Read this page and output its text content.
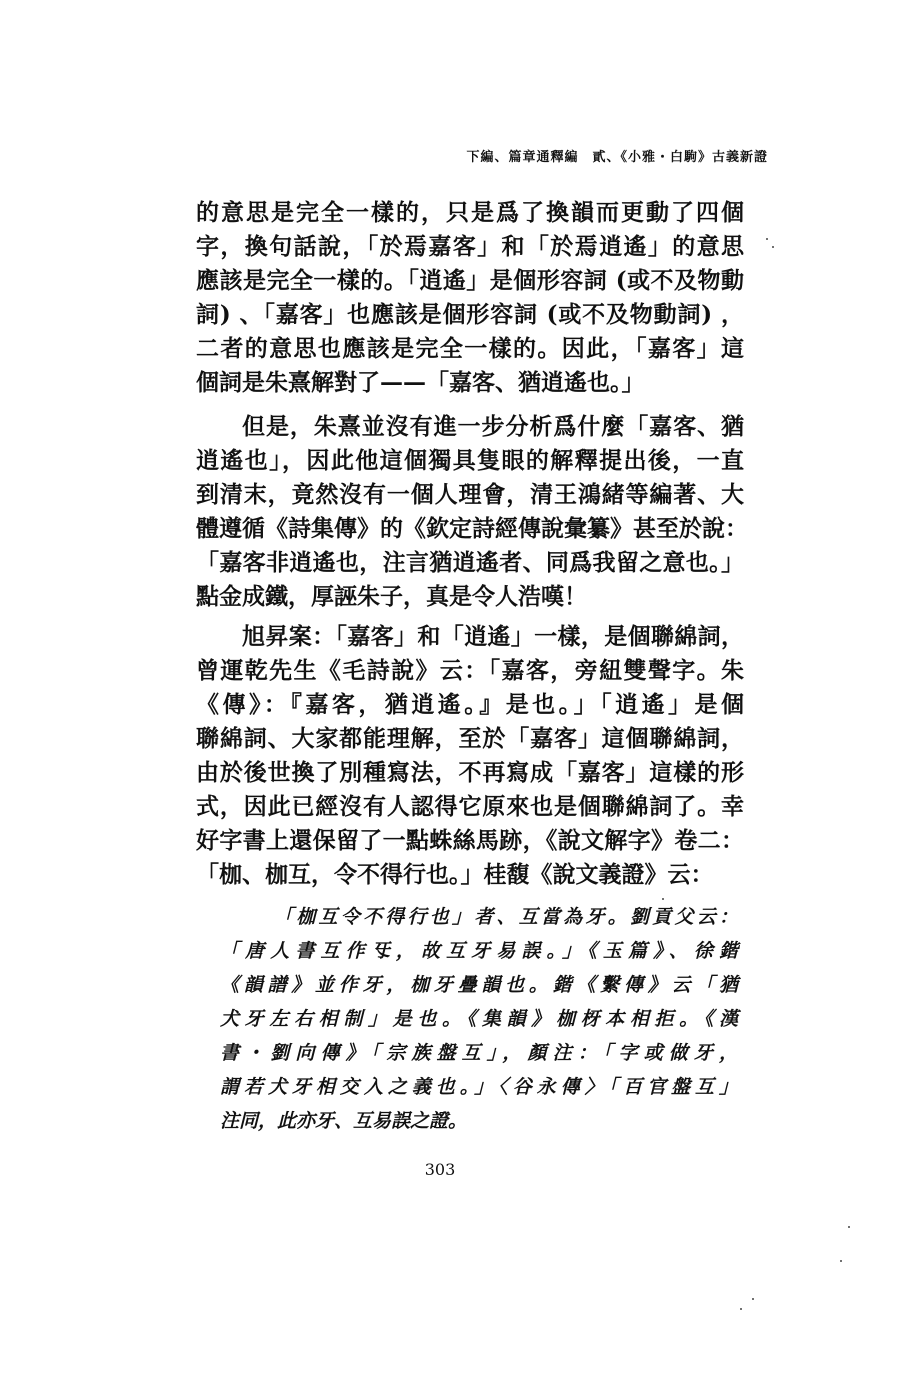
下編、篇章通釋編　貳、《小雅・白駒》古義新證
的意思是完全一樣的，只是爲了換韻而更動了四個
字，換句話說，「於焉嘉客」和「於焉逍遙」的意思
應該是完全一樣的。「逍遙」是個形容詞 (或不及物動
詞) 、「嘉客」也應該是個形容詞 (或不及物動詞) ，
二者的意思也應該是完全一樣的。因此，「嘉客」這
個詞是朱熹解對了——「嘉客、猶逍遙也。」
但是，朱熹並沒有進一步分析爲什麼「嘉客、猶
逍遙也」，因此他這個獨具隻眼的解釋提出後，一直
到清末，竟然沒有一個人理會，清王鴻緒等編著、大
體遵循《詩集傳》的《欽定詩經傳說彙纂》甚至於說：
「嘉客非逍遙也，注言猶逍遙者、同爲我留之意也。」
點金成鐵，厚誣朱子，真是令人浩嘆！
旭昇案：「嘉客」和「逍遙」一樣，是個聯綿詞，
曾運乾先生《毛詩說》云：「嘉客，旁紐雙聲字。朱
《傳》：『嘉客，猶逍遙。』是也。」「逍遙」是個
聯綿詞、大家都能理解，至於「嘉客」這個聯綿詞，
由於後世換了別種寫法，不再寫成「嘉客」這樣的形
式，因此已經沒有人認得它原來也是個聯綿詞了。幸
好字書上還保留了一點蛛絲馬跡，《說文解字》卷二：
「枷、枷互，令不得行也。」桂馥《說文義證》云：
「枷互令不得行也」者、互當為牙。劉貢父云：
「唐人書互作㸦，故互牙易誤。」《玉篇》、徐鍇
《韻譜》並作牙，枷牙疊韻也。鍇《繫傳》云「猶
犬牙左右相制」是也。《集韻》枷枒本相拒。《漢
書・劉向傳》「宗族盤互」，顏注：「字或做牙，
謂若犬牙相交入之義也。」〈谷永傳〉「百官盤互」
注同，此亦牙、互易誤之證。
303
